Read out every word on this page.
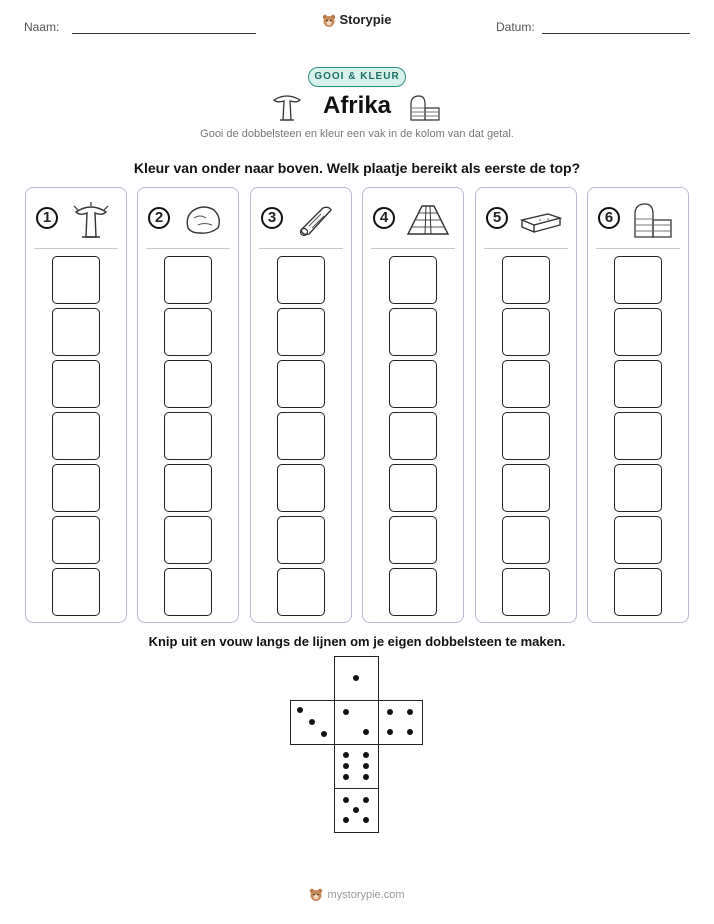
Naam:	Storypie	Datum:
GOOI & KLEUR
Afrika
Gooi de dobbelsteen en kleur een vak in de kolom van dat getal.
Kleur van onder naar boven. Welk plaatje bereikt als eerste de top?
1	2	3	4	5	6
Knip uit en vouw langs de lijnen om je eigen dobbelsteen te maken.
mystorypie.com
